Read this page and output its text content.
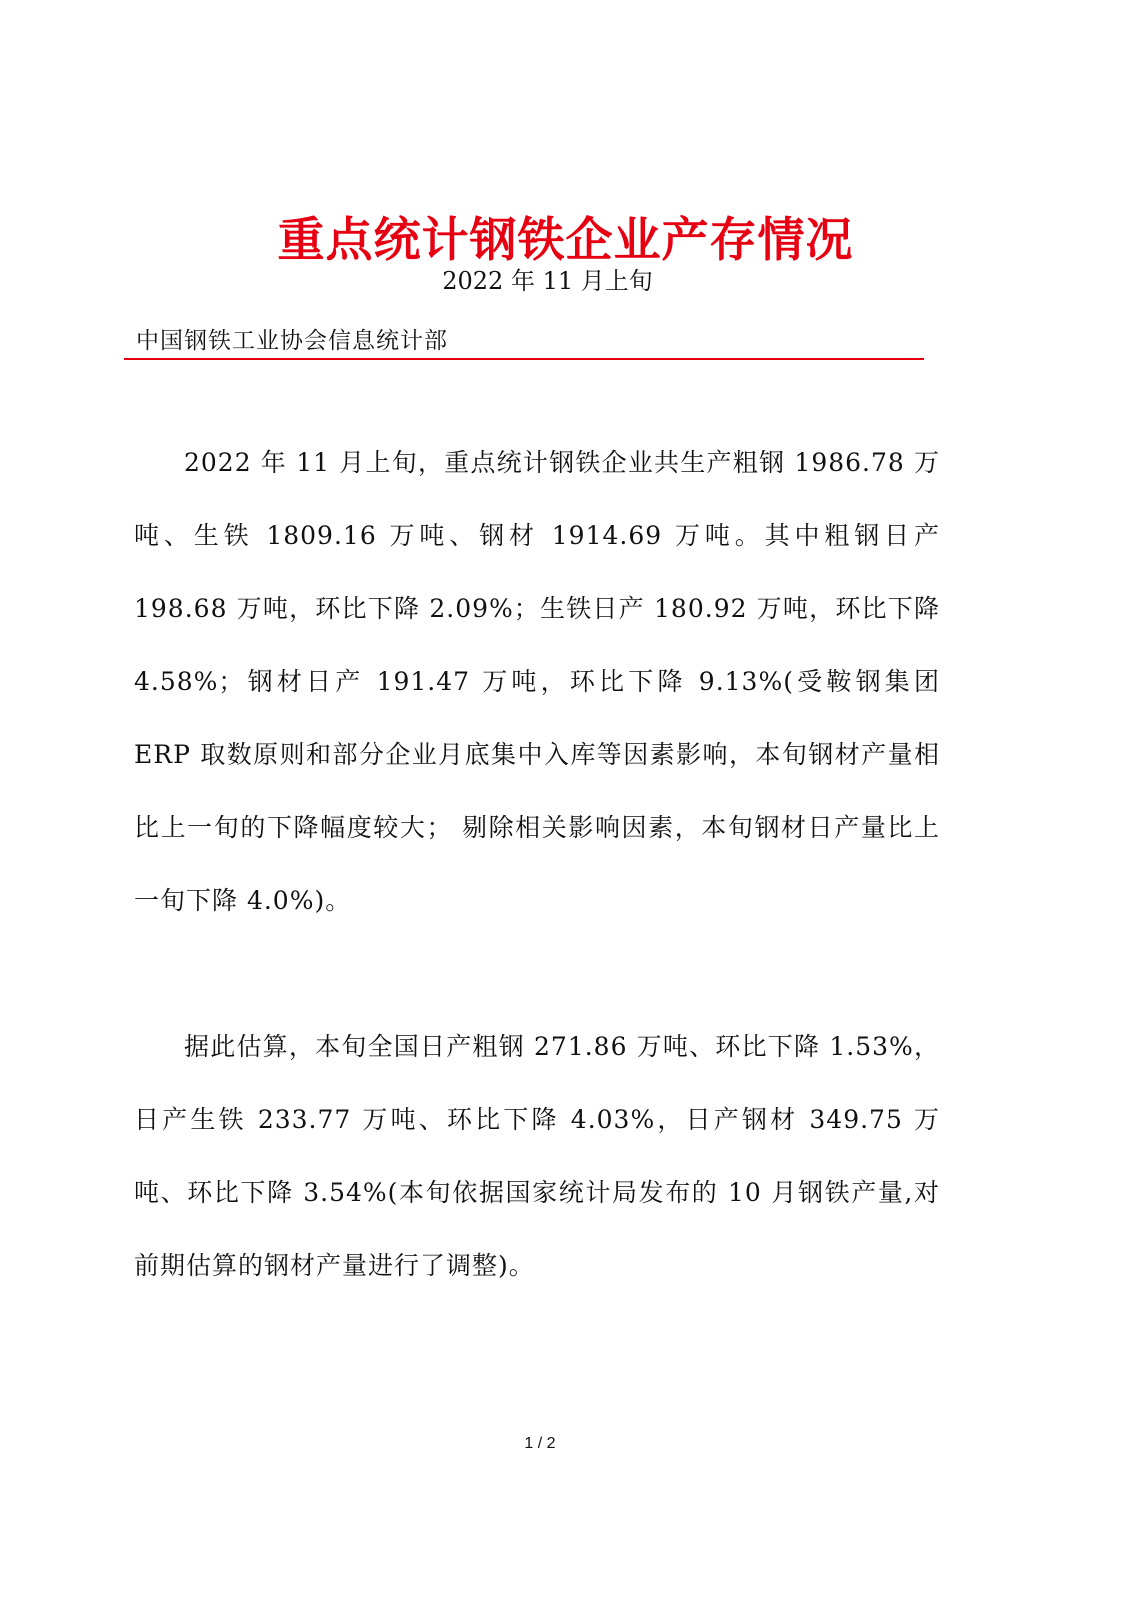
重点统计钢铁企业产存情况
2022 年 11 月上旬
中国钢铁工业协会信息统计部

2022 年 11 月上旬，重点统计钢铁企业共生产粗钢 1986.78 万吨、生铁 1809.16 万吨、钢材 1914.69 万吨。其中粗钢日产 198.68 万吨，环比下降 2.09%；生铁日产 180.92 万吨，环比下降 4.58%；钢材日产 191.47 万吨，环比下降 9.13%(受鞍钢集团 ERP 取数原则和部分企业月底集中入库等因素影响，本旬钢材产量相比上一旬的下降幅度较大； 剔除相关影响因素，本旬钢材日产量比上一旬下降 4.0%)。

据此估算，本旬全国日产粗钢 271.86 万吨、环比下降 1.53%，日产生铁 233.77 万吨、环比下降 4.03%，日产钢材 349.75 万吨、环比下降 3.54%(本旬依据国家统计局发布的 10 月钢铁产量,对前期估算的钢材产量进行了调整)。

1 / 2
